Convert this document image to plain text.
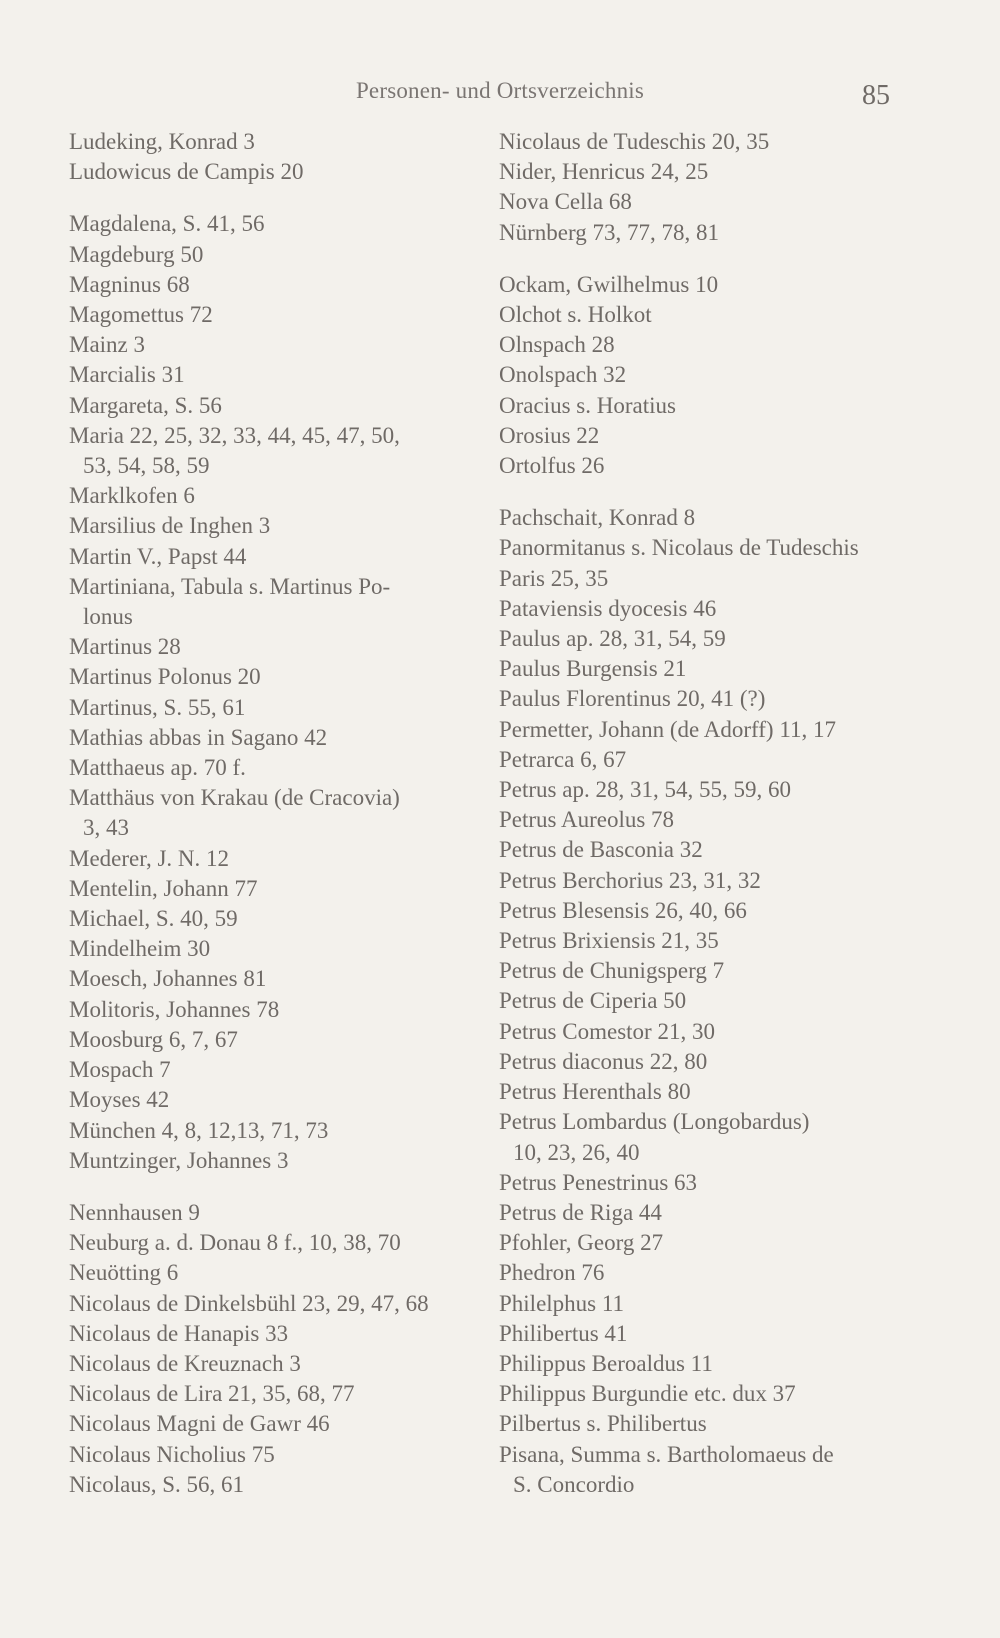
Personen- und Ortsverzeichnis	85
Ludeking, Konrad 3
Ludowicus de Campis 20
Magdalena, S. 41, 56
Magdeburg 50
Magninus 68
Magomettus 72
Mainz 3
Marcialis 31
Margareta, S. 56
Maria 22, 25, 32, 33, 44, 45, 47, 50,
53, 54, 58, 59
Marklkofen 6
Marsilius de Inghen 3
Martin V., Papst 44
Martiniana, Tabula s. Martinus Po-
lonus
Martinus 28
Martinus Polonus 20
Martinus, S. 55, 61
Mathias abbas in Sagano 42
Matthaeus ap. 70 f.
Matthäus von Krakau (de Cracovia)
3, 43
Mederer, J. N. 12
Mentelin, Johann 77
Michael, S. 40, 59
Mindelheim 30
Moesch, Johannes 81
Molitoris, Johannes 78
Moosburg 6, 7, 67
Mospach 7
Moyses 42
München 4, 8, 12,13, 71, 73
Muntzinger, Johannes 3
Nennhausen 9
Neuburg a. d. Donau 8 f., 10, 38, 70
Neuötting 6
Nicolaus de Dinkelsbühl 23, 29, 47, 68
Nicolaus de Hanapis 33
Nicolaus de Kreuznach 3
Nicolaus de Lira 21, 35, 68, 77
Nicolaus Magni de Gawr 46
Nicolaus Nicholius 75
Nicolaus, S. 56, 61
Nicolaus de Tudeschis 20, 35
Nider, Henricus 24, 25
Nova Cella 68
Nürnberg 73, 77, 78, 81
Ockam, Gwilhelmus 10
Olchot s. Holkot
Olnspach 28
Onolspach 32
Oracius s. Horatius
Orosius 22
Ortolfus 26
Pachschait, Konrad 8
Panormitanus s. Nicolaus de Tudeschis
Paris 25, 35
Pataviensis dyocesis 46
Paulus ap. 28, 31, 54, 59
Paulus Burgensis 21
Paulus Florentinus 20, 41 (?)
Permetter, Johann (de Adorff) 11, 17
Petrarca 6, 67
Petrus ap. 28, 31, 54, 55, 59, 60
Petrus Aureolus 78
Petrus de Basconia 32
Petrus Berchorius 23, 31, 32
Petrus Blesensis 26, 40, 66
Petrus Brixiensis 21, 35
Petrus de Chunigsperg 7
Petrus de Ciperia 50
Petrus Comestor 21, 30
Petrus diaconus 22, 80
Petrus Herenthals 80
Petrus Lombardus (Longobardus)
10, 23, 26, 40
Petrus Penestrinus 63
Petrus de Riga 44
Pfohler, Georg 27
Phedron 76
Philelphus 11
Philibertus 41
Philippus Beroaldus 11
Philippus Burgundie etc. dux 37
Pilbertus s. Philibertus
Pisana, Summa s. Bartholomaeus de
S. Concordio
